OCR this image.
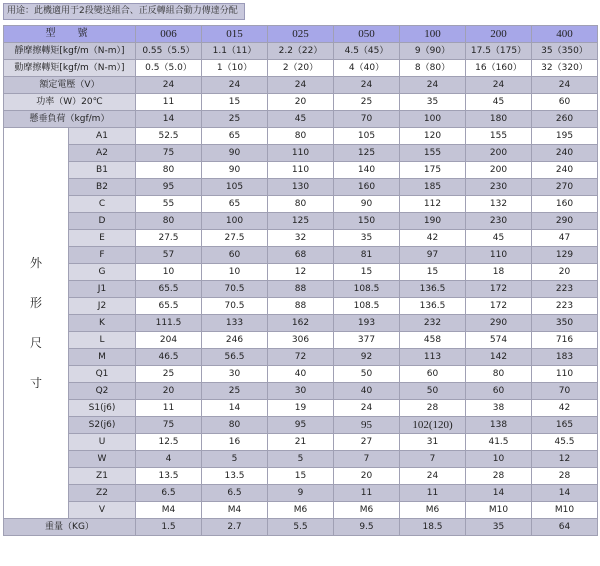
用途：此機適用于2段變送組合、正反轉組合動力傳達分配
型　號		006	015	025	050	100	200	400
靜摩擦轉矩[kgf/m（N-m）]		0.55（5.5）	1.1（11）	2.2（22）	4.5（45）	9（90）	17.5（175）	35（350）
動摩擦轉矩[kgf/m（N-m）]		0.5（5.0）	1（10）	2（20）	4（40）	8（80）	16（160）	32（320）
額定電壓（V）		24	24	24	24	24	24	24
功率（W）20℃		11	15	20	25	35	45	60
懸垂負荷（kgf/m）		14	25	45	70	100	180	260

外
形
尺
寸	A1	52.5	65	80	105	120	155	195
	A2	75	90	110	125	155	200	240
	B1	80	90	110	140	175	200	240
	B2	95	105	130	160	185	230	270
	C	55	65	80	90	112	132	160
	D	80	100	125	150	190	230	290
	E	27.5	27.5	32	35	42	45	47
	F	57	60	68	81	97	110	129
	G	10	10	12	15	15	18	20
	J1	65.5	70.5	88	108.5	136.5	172	223
	J2	65.5	70.5	88	108.5	136.5	172	223
	K	111.5	133	162	193	232	290	350
	L	204	246	306	377	458	574	716
	M	46.5	56.5	72	92	113	142	183
	Q1	25	30	40	50	60	80	110
	Q2	20	25	30	40	50	60	70
	S1(j6)	11	14	19	24	28	38	42
	S2(j6)	75	80	95	95	102(120)	138	165
	U	12.5	16	21	27	31	41.5	45.5
	W	4	5	5	7	7	10	12
	Z1	13.5	13.5	15	20	24	28	28
	Z2	6.5	6.5	9	11	11	14	14
	V	M4	M4	M6	M6	M6	M10	M10
重量（KG）		1.5	2.7	5.5	9.5	18.5	35	64
